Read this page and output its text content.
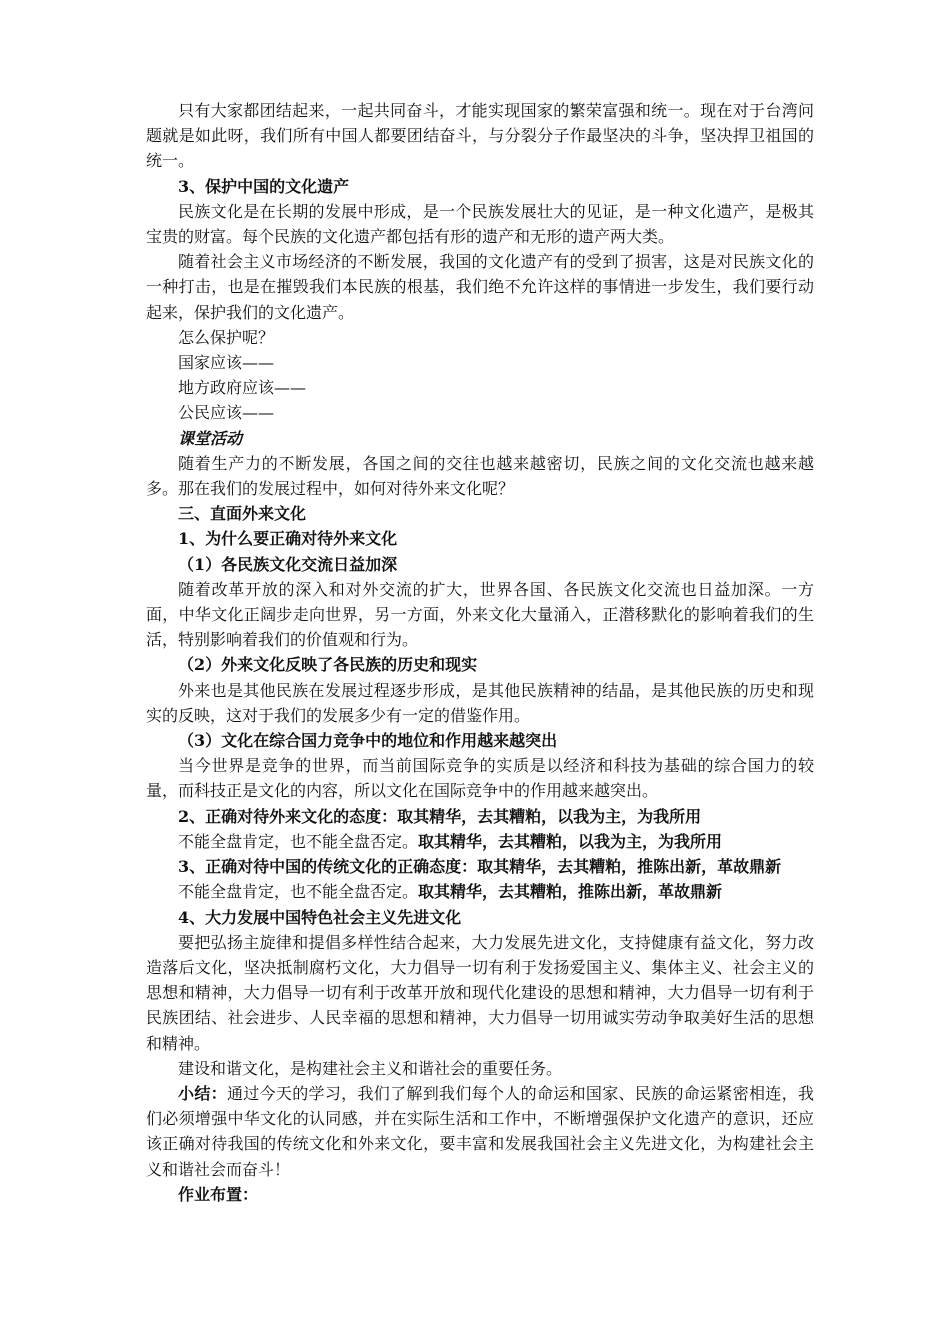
只有大家都团结起来，一起共同奋斗，才能实现国家的繁荣富强和统一。现在对于台湾问题就是如此呀，我们所有中国人都要团结奋斗，与分裂分子作最坚决的斗争，坚决捍卫祖国的统一。

3、保护中国的文化遗产

民族文化是在长期的发展中形成，是一个民族发展壮大的见证，是一种文化遗产，是极其宝贵的财富。每个民族的文化遗产都包括有形的遗产和无形的遗产两大类。

随着社会主义市场经济的不断发展，我国的文化遗产有的受到了损害，这是对民族文化的一种打击，也是在摧毁我们本民族的根基，我们绝不允许这样的事情进一步发生，我们要行动起来，保护我们的文化遗产。

怎么保护呢？

国家应该——

地方政府应该——

公民应该——

课堂活动

随着生产力的不断发展，各国之间的交往也越来越密切，民族之间的文化交流也越来越多。那在我们的发展过程中，如何对待外来文化呢？

三、直面外来文化

1、为什么要正确对待外来文化

（1）各民族文化交流日益加深

随着改革开放的深入和对外交流的扩大，世界各国、各民族文化交流也日益加深。一方面，中华文化正阔步走向世界，另一方面，外来文化大量涌入，正潜移默化的影响着我们的生活，特别影响着我们的价值观和行为。

（2）外来文化反映了各民族的历史和现实

外来也是其他民族在发展过程逐步形成，是其他民族精神的结晶，是其他民族的历史和现实的反映，这对于我们的发展多少有一定的借鉴作用。

（3）文化在综合国力竞争中的地位和作用越来越突出

当今世界是竞争的世界，而当前国际竞争的实质是以经济和科技为基础的综合国力的较量，而科技正是文化的内容，所以文化在国际竞争中的作用越来越突出。

2、正确对待外来文化的态度：取其精华，去其糟粕，以我为主，为我所用

不能全盘肯定，也不能全盘否定。取其精华，去其糟粕，以我为主，为我所用

3、正确对待中国的传统文化的正确态度：取其精华，去其糟粕，推陈出新，革故鼎新

不能全盘肯定，也不能全盘否定。取其精华，去其糟粕，推陈出新，革故鼎新

4、大力发展中国特色社会主义先进文化

要把弘扬主旋律和提倡多样性结合起来，大力发展先进文化，支持健康有益文化，努力改造落后文化，坚决抵制腐朽文化，大力倡导一切有利于发扬爱国主义、集体主义、社会主义的思想和精神，大力倡导一切有利于改革开放和现代化建设的思想和精神，大力倡导一切有利于民族团结、社会进步、人民幸福的思想和精神，大力倡导一切用诚实劳动争取美好生活的思想和精神。

建设和谐文化，是构建社会主义和谐社会的重要任务。

小结：通过今天的学习，我们了解到我们每个人的命运和国家、民族的命运紧密相连，我们必须增强中华文化的认同感，并在实际生活和工作中，不断增强保护文化遗产的意识，还应该正确对待我国的传统文化和外来文化，要丰富和发展我国社会主义先进文化，为构建社会主义和谐社会而奋斗！

作业布置：
